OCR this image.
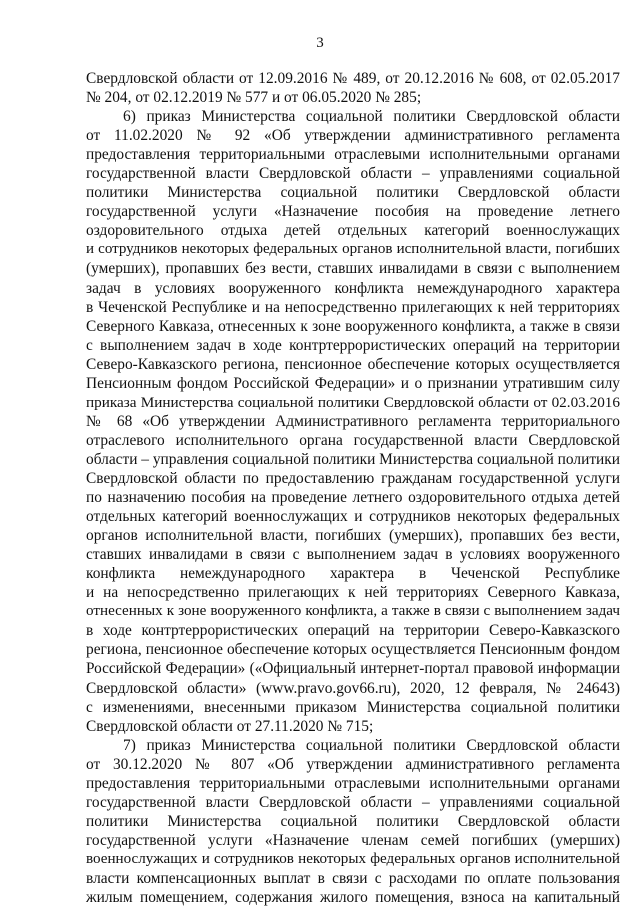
3
Свердловской области от 12.09.2016 № 489, от 20.12.2016 № 608, от 02.05.2017
№ 204, от 02.12.2019 № 577 и от 06.05.2020 № 285;
6) приказ Министерства социальной политики Свердловской области
от 11.02.2020 № 92 «Об утверждении административного регламента
предоставления территориальными отраслевыми исполнительными органами
государственной власти Свердловской области – управлениями социальной
политики Министерства социальной политики Свердловской области
государственной услуги «Назначение пособия на проведение летнего
оздоровительного отдыха детей отдельных категорий военнослужащих
и сотрудников некоторых федеральных органов исполнительной власти, погибших
(умерших), пропавших без вести, ставших инвалидами в связи с выполнением
задач в условиях вооруженного конфликта немеждународного характера
в Чеченской Республике и на непосредственно прилегающих к ней территориях
Северного Кавказа, отнесенных к зоне вооруженного конфликта, а также в связи
с выполнением задач в ходе контртеррористических операций на территории
Северо-Кавказского региона, пенсионное обеспечение которых осуществляется
Пенсионным фондом Российской Федерации» и о признании утратившим силу
приказа Министерства социальной политики Свердловской области от 02.03.2016
№ 68 «Об утверждении Административного регламента территориального
отраслевого исполнительного органа государственной власти Свердловской
области – управления социальной политики Министерства социальной политики
Свердловской области по предоставлению гражданам государственной услуги
по назначению пособия на проведение летнего оздоровительного отдыха детей
отдельных категорий военнослужащих и сотрудников некоторых федеральных
органов исполнительной власти, погибших (умерших), пропавших без вести,
ставших инвалидами в связи с выполнением задач в условиях вооруженного
конфликта немеждународного характера в Чеченской Республике
и на непосредственно прилегающих к ней территориях Северного Кавказа,
отнесенных к зоне вооруженного конфликта, а также в связи с выполнением задач
в ходе контртеррористических операций на территории Северо-Кавказского
региона, пенсионное обеспечение которых осуществляется Пенсионным фондом
Российской Федерации» («Официальный интернет-портал правовой информации
Свердловской области» (www.pravo.gov66.ru), 2020, 12 февраля, № 24643)
с изменениями, внесенными приказом Министерства социальной политики
Свердловской области от 27.11.2020 № 715;
7) приказ Министерства социальной политики Свердловской области
от 30.12.2020 № 807 «Об утверждении административного регламента
предоставления территориальными отраслевыми исполнительными органами
государственной власти Свердловской области – управлениями социальной
политики Министерства социальной политики Свердловской области
государственной услуги «Назначение членам семей погибших (умерших)
военнослужащих и сотрудников некоторых федеральных органов исполнительной
власти компенсационных выплат в связи с расходами по оплате пользования
жилым помещением, содержания жилого помещения, взноса на капитальный
